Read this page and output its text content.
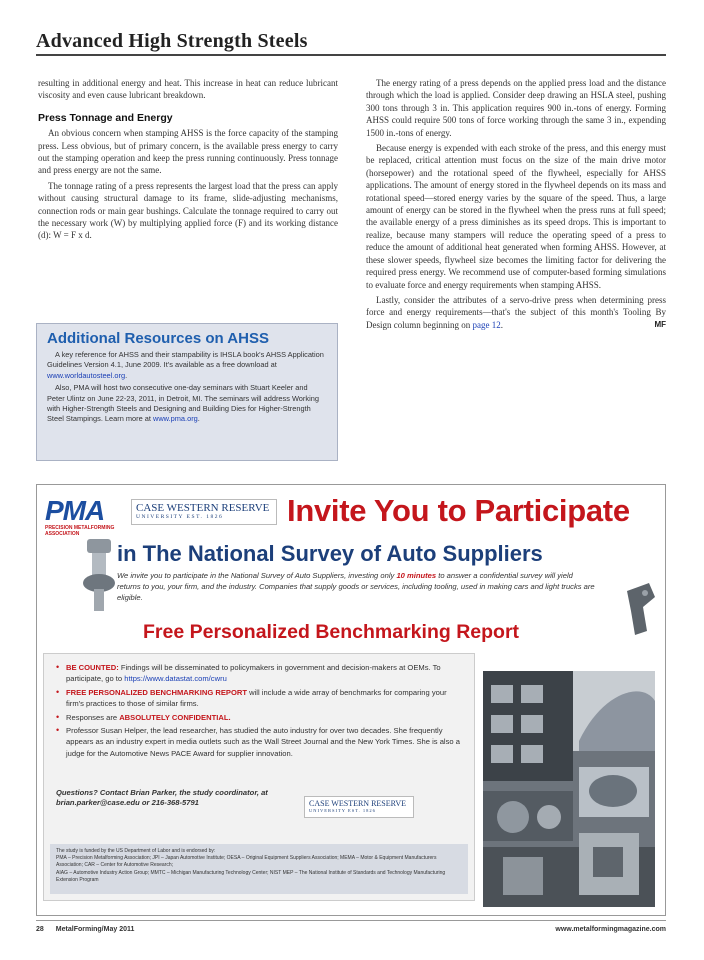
Advanced High Strength Steels

resulting in additional energy and heat. This increase in heat can reduce lubricant viscosity and even cause lubricant breakdown.

Press Tonnage and Energy

An obvious concern when stamping AHSS is the force capacity of the stamping press. Less obvious, but of primary concern, is the available press energy to carry out the stamping operation and keep the press running continuously. Press tonnage and press energy are not the same.

The tonnage rating of a press represents the largest load that the press can apply without causing structural damage to its frame, slide-adjusting mechanisms, connection rods or main gear bushings. Calculate the tonnage required to carry out the necessary work (W) by multiplying applied force (F) and its working distance (d): W = F x d.

Additional Resources on AHSS

A key reference for AHSS and their stampability is IHSLA book's AHSS Application Guidelines Version 4.1, June 2009. It's available as a free download at www.worldautosteel.org.

Also, PMA will host two consecutive one-day seminars with Stuart Keeler and Peter Ulintz on June 22-23, 2011, in Detroit, MI. The seminars will address Working with Higher-Strength Steels and Designing and Building Dies for Higher-Strength Steel Stampings. Learn more at www.pma.org.

The energy rating of a press depends on the applied press load and the distance through which the load is applied. Consider deep drawing an HSLA steel, pushing 300 tons through 3 in. This application requires 900 in.-tons of energy. Forming AHSS could require 500 tons of force working through the same 3 in., expending 1500 in.-tons of energy.

Because energy is expended with each stroke of the press, and this energy must be replaced, critical attention must focus on the size of the main drive motor (horsepower) and the rotational speed of the flywheel, especially for AHSS applications. The amount of energy stored in the flywheel depends on its mass and rotational speed—stored energy varies by the square of the speed. Thus, a large amount of energy can be stored in the flywheel when the press runs at full speed; the available energy of a press diminishes as its speed drops. This is important to realize, because many stampers will reduce the operating speed of a press to reduce the amount of additional heat generated when forming AHSS. However, at these slower speeds, flywheel size becomes the limiting factor for delivering the required press energy. We recommend use of computer-based forming simulations to evaluate force and energy requirements when stamping AHSS.

Lastly, consider the attributes of a servo-drive press when determining press force and energy requirements—that's the subject of this month's Tooling By Design column beginning on page 12.	MF

PMA
PRECISION METALFORMING ASSOCIATION
CASE WESTERN RESERVE
UNIVERSITY EST. 1826	Invite You to Participate
in The National Survey of Auto Suppliers
We invite you to participate in the National Survey of Auto Suppliers, investing only 10 minutes to answer a confidential survey will yield returns to you, your firm, and the industry. Companies that supply goods or services, including tooling, used in making cars and light trucks are eligible.
Free Personalized Benchmarking Report
• BE COUNTED: Findings will be disseminated to policymakers in government and decision-makers at OEMs. To participate, go to https://www.datastat.com/cwru
• FREE PERSONALIZED BENCHMARKING REPORT will include a wide array of benchmarks for comparing your firm's practices to those of similar firms.
• Responses are ABSOLUTELY CONFIDENTIAL.
• Professor Susan Helper, the lead researcher, has studied the auto industry for over two decades. She frequently appears as an industry expert in media outlets such as the Wall Street Journal and the New York Times. She is also a judge for the Automotive News PACE Award for supplier innovation.
Questions? Contact Brian Parker, the study coordinator, at brian.parker@case.edu or 216-368-5791	CASE WESTERN RESERVE
UNIVERSITY EST. 1826

The study is funded by the US Department of Labor and is endorsed by:

PMA – Precision Metalforming Association; JPI – Japan Automotive Institute; OESA – Original Equipment Suppliers Association; MEMA – Motor & Equipment Manufacturers Association; CAR – Center for Automotive Research;

AIAG – Automotive Industry Action Group; MMTC – Michigan Manufacturing Technology Center; NIST MEP – The National Institute of Standards and Technology Manufacturing Extension Program

28 MetalForming/May 2011	www.metalformingmagazine.com
